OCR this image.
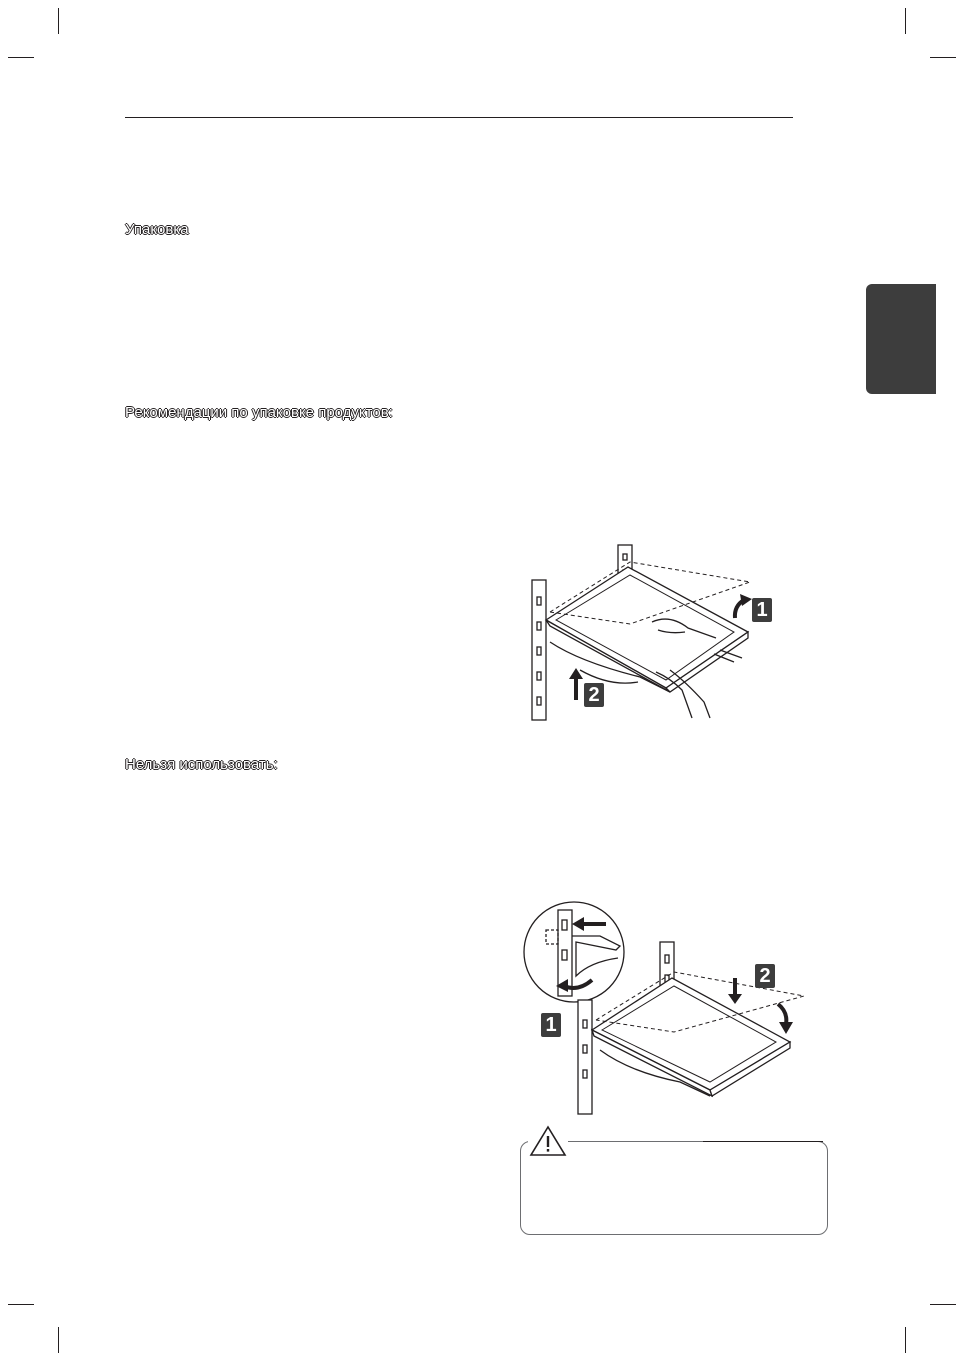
Упаковка
Рекомендации по упаковке продуктов:
Нельзя использовать:
1
2
1
2
